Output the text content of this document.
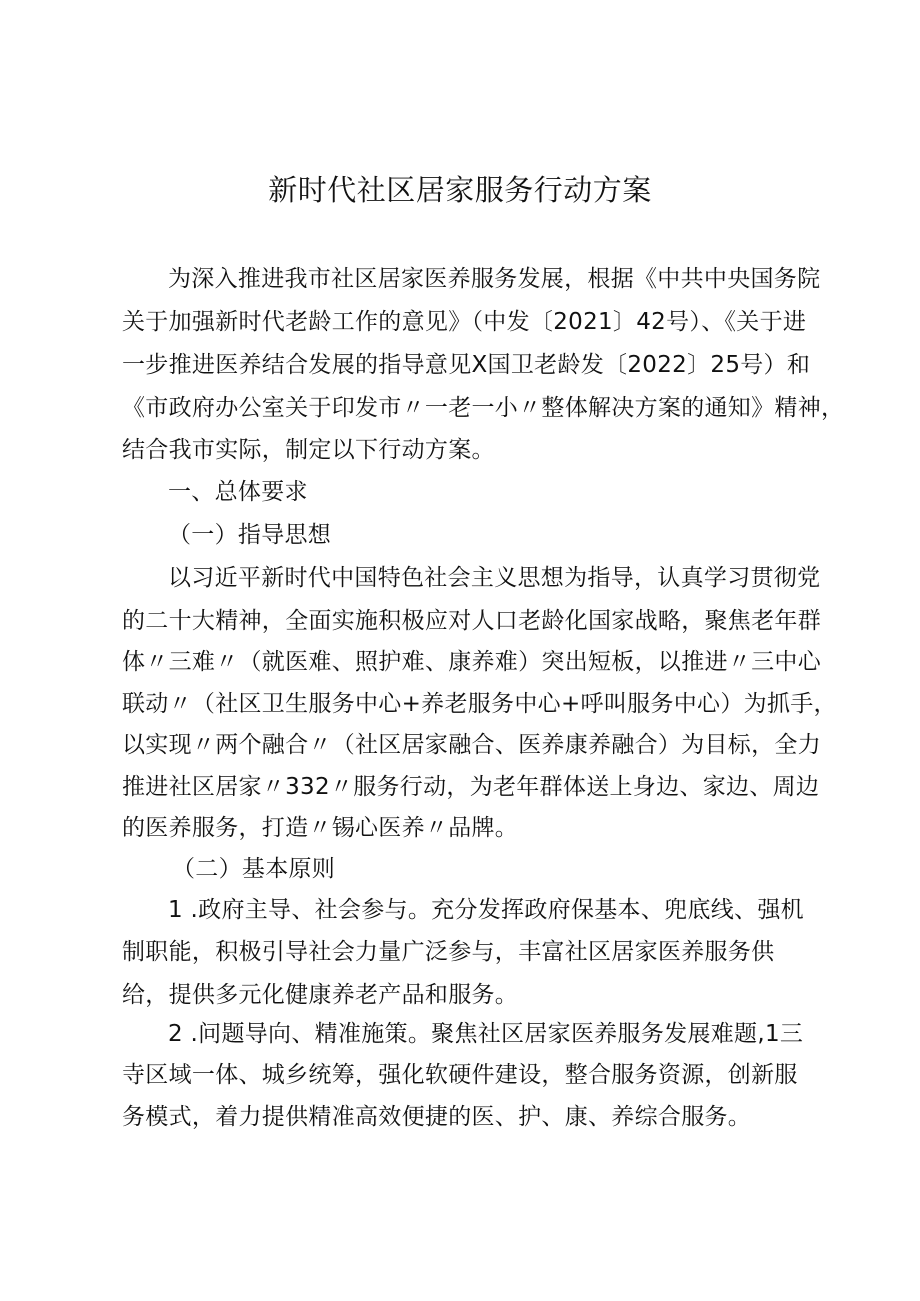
新时代社区居家服务行动方案
为深入推进我市社区居家医养服务发展，根据《中共中央国务院
关于加强新时代老龄工作的意见》（中发〔2021〕42号）、《关于进
一步推进医养结合发展的指导意见X国卫老龄发〔2022〕25号）和
《市政府办公室关于印发市〃一老一小〃整体解决方案的通知》精神，
结合我市实际，制定以下行动方案。
一、总体要求
（一）指导思想
以习近平新时代中国特色社会主义思想为指导，认真学习贯彻党
的二十大精神，全面实施积极应对人口老龄化国家战略，聚焦老年群
体〃三难〃（就医难、照护难、康养难）突出短板，以推进〃三中心
联动〃（社区卫生服务中心+养老服务中心+呼叫服务中心）为抓手，
以实现〃两个融合〃（社区居家融合、医养康养融合）为目标，全力
推进社区居家〃332〃服务行动，为老年群体送上身边、家边、周边
的医养服务，打造〃锡心医养〃品牌。
（二）基本原则
1 .政府主导、社会参与。充分发挥政府保基本、兜底线、强机
制职能，积极引导社会力量广泛参与，丰富社区居家医养服务供
给，提供多元化健康养老产品和服务。
2 .问题导向、精准施策。聚焦社区居家医养服务发展难题,1三
寺区域一体、城乡统筹，强化软硬件建设，整合服务资源，创新服
务模式，着力提供精准高效便捷的医、护、康、养综合服务。
